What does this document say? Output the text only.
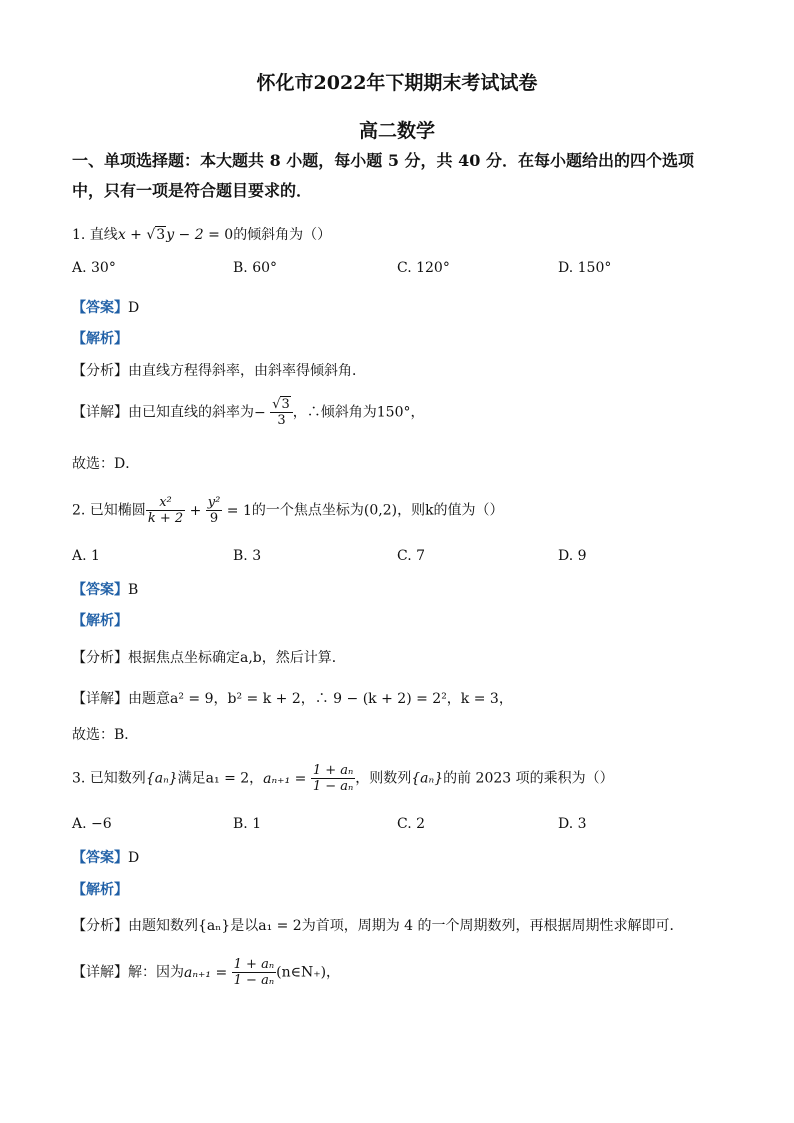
怀化市2022年下期期末考试试卷
高二数学
一、单项选择题：本大题共 8 小题，每小题 5 分，共 40 分．在每小题给出的四个选项中，只有一项是符合题目要求的．
1. 直线x + √3y − 2 = 0的倾斜角为（）
A. 30°	B. 60°	C. 120°	D. 150°
【答案】D
【解析】
【分析】由直线方程得斜率，由斜率得倾斜角．
【详解】由已知直线的斜率为− $\frac{√3}{3}$ ，∴倾斜角为150°，
故选：D．
2. 已知椭圆 $\frac{\text{x²}}{k + 2} + \frac{\text{y²}}{9} = 1$的一个焦点坐标为(0,2)，则k的值为（）
A. 1	B. 3	C. 7	D. 9
【答案】B
【解析】
【分析】根据焦点坐标确定a,b，然后计算．
【详解】由题意a² = 9，b² = k + 2，∴ 9 − (k + 2) = 2²，k = 3，
故选：B．
3. 已知数列{aₙ}满足a₁ = 2，$a_{n+1} = \frac{\text{1 + aₙ}}{\text{1 − aₙ}}$ ，则数列{aₙ}的前 2023 项的乘积为（）
A. −6	B. 1	C. 2	D. 3
【答案】D
【解析】
【分析】由题知数列{aₙ}是以a₁ = 2为首项，周期为 4 的一个周期数列，再根据周期性求解即可．
【详解】解：因为$a_{n+1} = \frac{\text{1 + aₙ}}{\text{1 − aₙ}}$ (n∈N₊)，
